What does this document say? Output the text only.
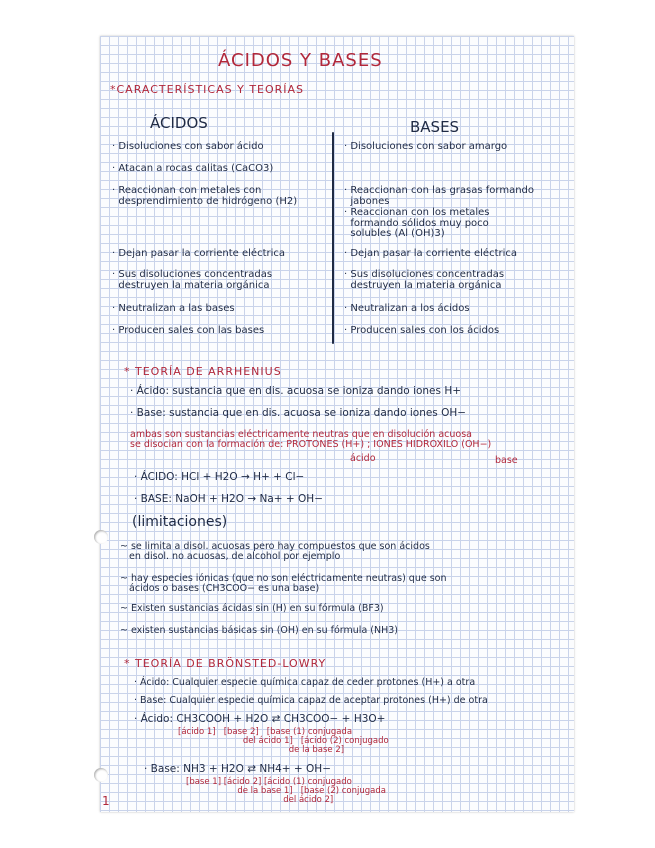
ÁCIDOS Y BASES
*CARACTERÍSTICAS Y TEORÍAS
ÁCIDOS	BASES
· Disoluciones con sabor ácido
· Atacan a rocas calitas (CaCO3)
· Reaccionan con metales con
desprendimiento de hidrógeno (H2)
· Dejan pasar la corriente eléctrica
· Sus disoluciones concentradas
destruyen la materia orgánica
· Neutralizan a las bases
· Producen sales con las bases
· Disoluciones con sabor amargo
· Reaccionan con las grasas formando
jabones
· Reaccionan con los metales
formando sólidos muy poco
solubles (Al (OH)3)
· Dejan pasar la corriente eléctrica
· Sus disoluciones concentradas
destruyen la materia orgánica
· Neutralizan a los ácidos
· Producen sales con los ácidos
* TEORÍA DE ARRHENIUS
· Ácido: sustancia que en dis. acuosa se ioniza dando iones H+
· Base: sustancia que en dis. acuosa se ioniza dando iones OH−
ambas son sustancias eléctricamente neutras que en disolución acuosa
se disocian con la formación de: PROTONES (H+) ; IONES HIDROXILO (OH−)
ácido	base
· ÁCIDO: HCl + H2O → H+ + Cl−
· BASE: NaOH + H2O → Na+ + OH−
(limitaciones)
~ se limita a disol. acuosas pero hay compuestos que son ácidos
en disol. no acuosas, de alcohol por ejemplo
~ hay especies iónicas (que no son eléctricamente neutras) que son
ácidos o bases (CH3COO− es una base)
~ Existen sustancias ácidas sin (H) en su fórmula (BF3)
~ existen sustancias básicas sin (OH) en su fórmula (NH3)
* TEORÍA DE BRÖNSTED-LOWRY
· Ácido: Cualquier especie química capaz de ceder protones (H+) a otra
· Base: Cualquier especie química capaz de aceptar protones (H+) de otra
· Ácido: CH3COOH + H2O ⇄ CH3COO− + H3O+
[ácido 1]   [base 2]   [base (1) conjugada
del ácido 1]   [ácido (2) conjugado
de la base 2]
· Base: NH3 + H2O ⇄ NH4+ + OH−
[base 1] [ácido 2] [ácido (1) conjugado
de la base 1]   [base (2) conjugada
del ácido 2]
1
